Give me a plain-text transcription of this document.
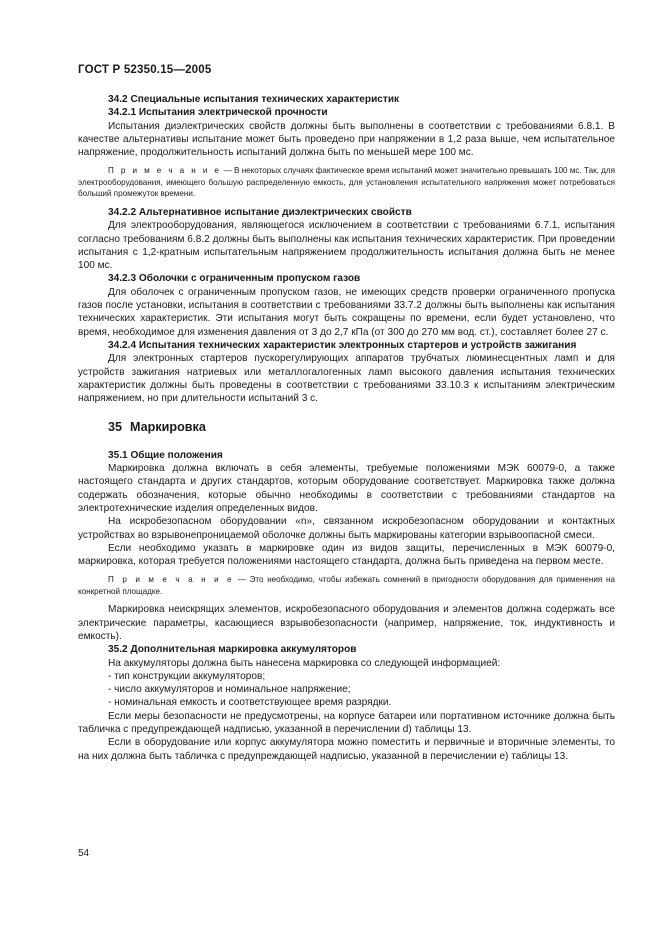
ГОСТ Р 52350.15—2005

34.2 Специальные испытания технических характеристик

34.2.1 Испытания электрической прочности

Испытания диэлектрических свойств должны быть выполнены в соответствии с требованиями 6.8.1. В качестве альтернативы испытание может быть проведено при напряжении в 1,2 раза выше, чем испытательное напряжение, продолжительность испытаний должна быть по меньшей мере 100 мс.

П р и м е ч а н и е — В некоторых случаях фактическое время испытаний может значительно превышать 100 мс. Так, для электрооборудования, имеющего большую распределенную емкость, для установления испытательного напряжения может потребоваться больший промежуток времени.

34.2.2 Альтернативное испытание диэлектрических свойств

Для электрооборудования, являющегося исключением в соответствии с требованиями 6.7.1, испытания согласно требованиям 6.8.2 должны быть выполнены как испытания технических характеристик. При проведении испытания с 1,2-кратным испытательным напряжением продолжительность испытания должна быть не менее 100 мс.

34.2.3 Оболочки с ограниченным пропуском газов

Для оболочек с ограниченным пропуском газов, не имеющих средств проверки ограниченного пропуска газов после установки, испытания в соответствии с требованиями 33.7.2 должны быть выполнены как испытания технических характеристик. Эти испытания могут быть сокращены по времени, если будет установлено, что время, необходимое для изменения давления от 3 до 2,7 кПа (от 300 до 270 мм вод. ст.), составляет более 27 с.

34.2.4 Испытания технических характеристик электронных стартеров и устройств зажигания

Для электронных стартеров пускорегулирующих аппаратов трубчатых люминесцентных ламп и для устройств зажигания натриевых или металлогалогенных ламп высокого давления испытания технических характеристик должны быть проведены в соответствии с требованиями 33.10.3 к испытаниям электрическим напряжением, но при длительности испытаний 3 с.

35 Маркировка

35.1 Общие положения

Маркировка должна включать в себя элементы, требуемые положениями МЭК 60079-0, а также настоящего стандарта и других стандартов, которым оборудование соответствует. Маркировка также должна содержать обозначения, которые обычно необходимы в соответствии с требованиями стандартов на электротехнические изделия определенных видов.

На искробезопасном оборудовании «n», связанном искробезопасном оборудовании и контактных устройствах во взрывонепроницаемой оболочке должны быть маркированы категории взрывоопасной смеси.

Если необходимо указать в маркировке один из видов защиты, перечисленных в МЭК 60079-0, маркировка, которая требуется положениями настоящего стандарта, должна быть приведена на первом месте.

П р и м е ч а н и е — Это необходимо, чтобы избежать сомнений в пригодности оборудования для применения на конкретной площадке.

Маркировка неискрящих элементов, искробезопасного оборудования и элементов должна содержать все электрические параметры, касающиеся взрывобезопасности (например, напряжение, ток, индуктивность и емкость).

35.2 Дополнительная маркировка аккумуляторов

На аккумуляторы должна быть нанесена маркировка со следующей информацией:

- тип конструкции аккумуляторов;

- число аккумуляторов и номинальное напряжение;

- номинальная емкость и соответствующее время разрядки.

Если меры безопасности не предусмотрены, на корпусе батареи или портативном источнике должна быть табличка с предупреждающей надписью, указанной в перечислении d) таблицы 13.

Если в оборудование или корпус аккумулятора можно поместить и первичные и вторичные элементы, то на них должна быть табличка с предупреждающей надписью, указанной в перечислении е) таблицы 13.

54
